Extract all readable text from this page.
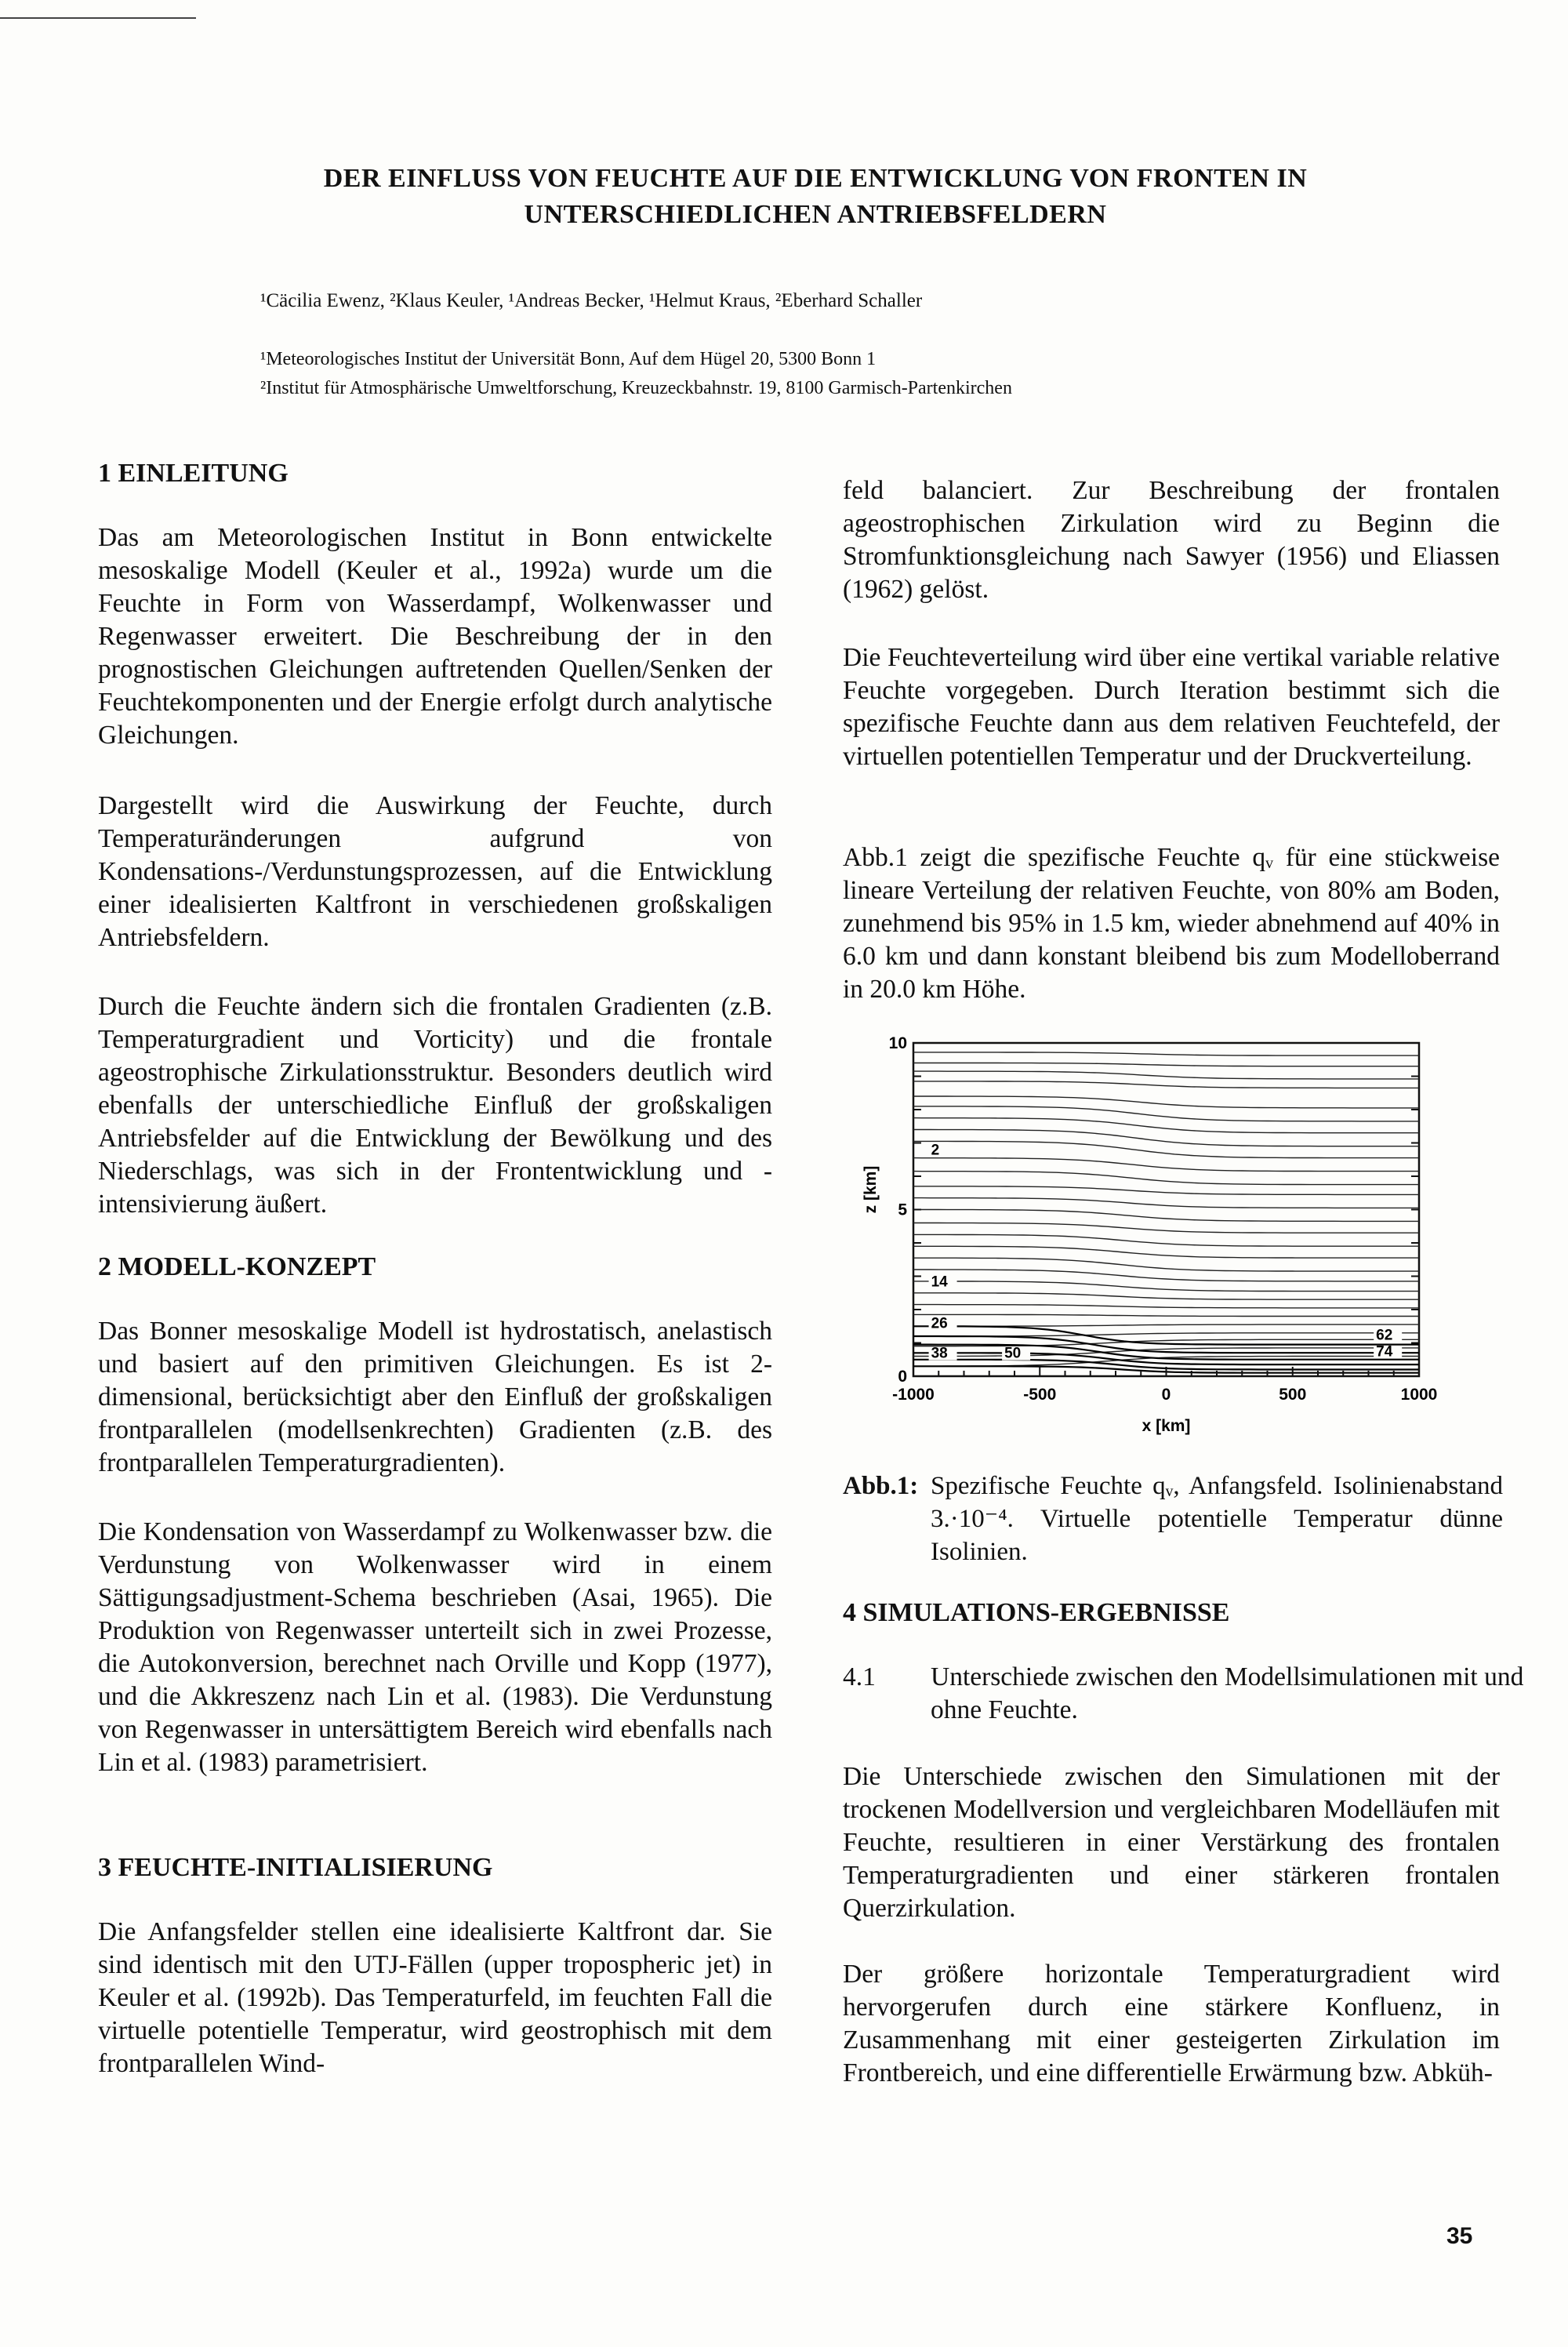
DER EINFLUSS VON FEUCHTE AUF DIE ENTWICKLUNG VON FRONTEN IN
UNTERSCHIEDLICHEN ANTRIEBSFELDERN
¹Cäcilia Ewenz, ²Klaus Keuler, ¹Andreas Becker, ¹Helmut Kraus, ²Eberhard Schaller
¹Meteorologisches Institut der Universität Bonn, Auf dem Hügel 20, 5300 Bonn 1
²Institut für Atmosphärische Umweltforschung, Kreuzeckbahnstr. 19, 8100 Garmisch-Partenkirchen
1 EINLEITUNG

Das am Meteorologischen Institut in Bonn entwickelte mesoskalige Modell (Keuler et al., 1992a) wurde um die Feuchte in Form von Wasserdampf, Wolkenwasser und Regenwasser erweitert. Die Beschreibung der in den prognostischen Gleichungen auftretenden Quellen/Senken der Feuchtekomponenten und der Energie erfolgt durch analytische Gleichungen.

Dargestellt wird die Auswirkung der Feuchte, durch Temperaturänderungen aufgrund von Kondensations-/Verdunstungsprozessen, auf die Entwicklung einer idealisierten Kaltfront in verschiedenen großskaligen Antriebsfeldern.

Durch die Feuchte ändern sich die frontalen Gradienten (z.B. Temperaturgradient und Vorticity) und die frontale ageostrophische Zirkulationsstruktur. Besonders deutlich wird ebenfalls der unterschiedliche Einfluß der großskaligen Antriebsfelder auf die Entwicklung der Bewölkung und des Niederschlags, was sich in der Frontentwicklung und -intensivierung äußert.

2 MODELL-KONZEPT

Das Bonner mesoskalige Modell ist hydrostatisch, anelastisch und basiert auf den primitiven Gleichungen. Es ist 2-dimensional, berücksichtigt aber den Einfluß der großskaligen frontparallelen (modellsenkrechten) Gradienten (z.B. des frontparallelen Temperaturgradienten).

Die Kondensation von Wasserdampf zu Wolkenwasser bzw. die Verdunstung von Wolkenwasser wird in einem Sättigungsadjustment-Schema beschrieben (Asai, 1965). Die Produktion von Regenwasser unterteilt sich in zwei Prozesse, die Autokonversion, berechnet nach Orville und Kopp (1977), und die Akkreszenz nach Lin et al. (1983). Die Verdunstung von Regenwasser in untersättigtem Bereich wird ebenfalls nach Lin et al. (1983) parametrisiert.

3 FEUCHTE-INITIALISIERUNG

Die Anfangsfelder stellen eine idealisierte Kaltfront dar. Sie sind identisch mit den UTJ-Fällen (upper tropospheric jet) in Keuler et al. (1992b). Das Temperaturfeld, im feuchten Fall die virtuelle potentielle Temperatur, wird geostrophisch mit dem frontparallelen Wind-

feld balanciert. Zur Beschreibung der frontalen ageostrophischen Zirkulation wird zu Beginn die Stromfunktionsgleichung nach Sawyer (1956) und Eliassen (1962) gelöst.

Die Feuchteverteilung wird über eine vertikal variable relative Feuchte vorgegeben. Durch Iteration bestimmt sich die spezifische Feuchte dann aus dem relativen Feuchtefeld, der virtuellen potentiellen Temperatur und der Druckverteilung.

Abb.1 zeigt die spezifische Feuchte qᵥ für eine stückweise lineare Verteilung der relativen Feuchte, von 80% am Boden, zunehmend bis 95% in 1.5 km, wieder abnehmend auf 40% in 6.0 km und dann konstant bleibend bis zum Modelloberrand in 20.0 km Höhe.

2
14
26
38	50
62
74
-1000	-500	0	500	1000
0
5
10
x [km]
z [km]
Abb.1: Spezifische Feuchte qᵥ, Anfangsfeld. Isolinienabstand 3.·10⁻⁴. Virtuelle potentielle Temperatur dünne Isolinien.
4 SIMULATIONS-ERGEBNISSE
4.1 Unterschiede zwischen den Modellsimulationen mit und ohne Feuchte.

Die Unterschiede zwischen den Simulationen mit der trockenen Modellversion und vergleichbaren Modelläufen mit Feuchte, resultieren in einer Verstärkung des frontalen Temperaturgradienten und einer stärkeren frontalen Querzirkulation.

Der größere horizontale Temperaturgradient wird hervorgerufen durch eine stärkere Konfluenz, in Zusammenhang mit einer gesteigerten Zirkulation im Frontbereich, und eine differentielle Erwärmung bzw. Abküh-

35
